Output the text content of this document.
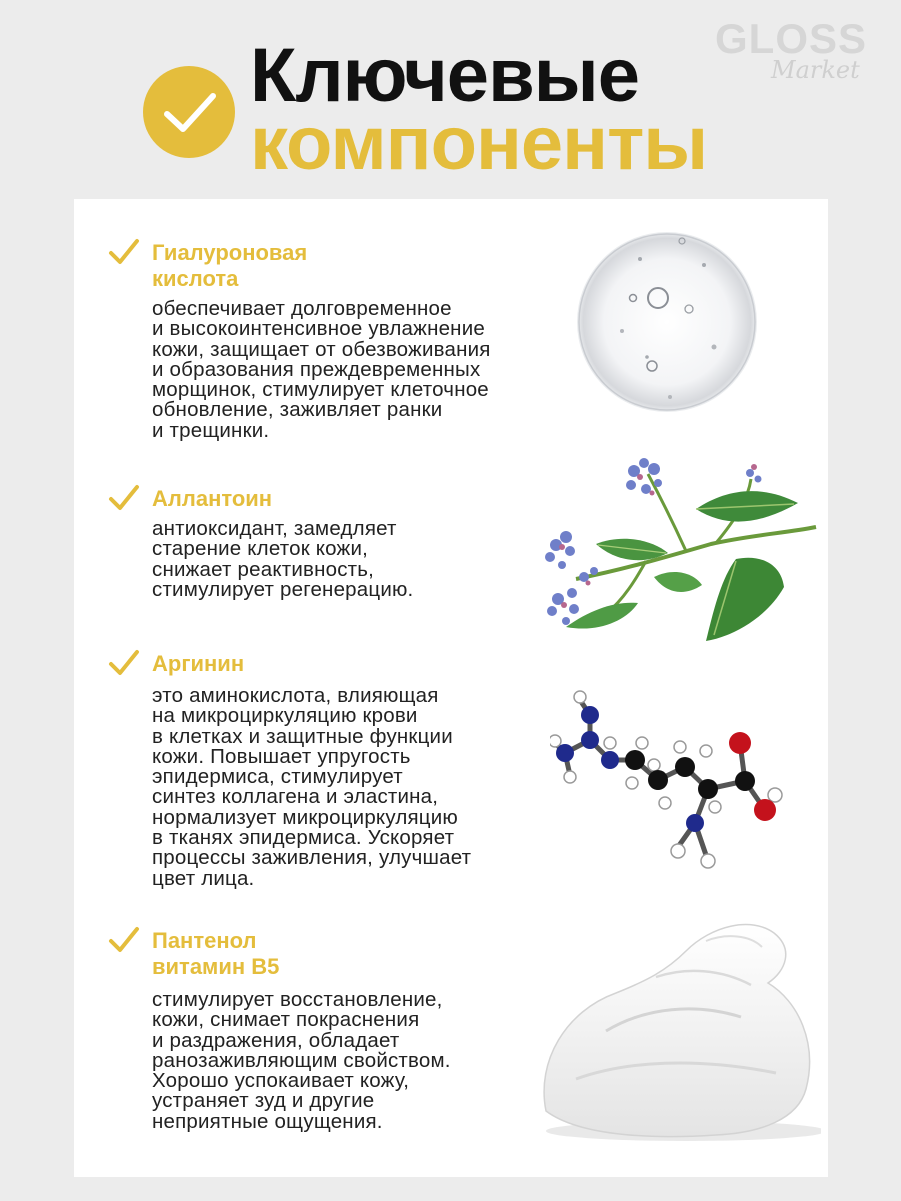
Ключевые
компоненты
GLOSS
Market
Гиалуроновая
кислота
обеспечивает долговременное
и высокоинтенсивное увлажнение
кожи, защищает от обезвоживания
и образования преждевременных
морщинок, стимулирует клеточное
обновление, заживляет ранки
и трещинки.
Аллантоин
антиоксидант, замедляет
старение клеток кожи,
снижает реактивность,
стимулирует регенерацию.
Аргинин
это аминокислота, влияющая
на микроциркуляцию крови
в клетках и защитные функции
кожи. Повышает упругость
эпидермиса, стимулирует
синтез коллагена и эластина,
нормализует микроциркуляцию
в тканях эпидермиса. Ускоряет
процессы заживления, улучшает
цвет лица.
Пантенол
витамин B5
стимулирует восстановление,
кожи, снимает покраснения
и раздражения, обладает
ранозаживляющим свойством.
Хорошо успокаивает кожу,
устраняет зуд и другие
неприятные ощущения.
